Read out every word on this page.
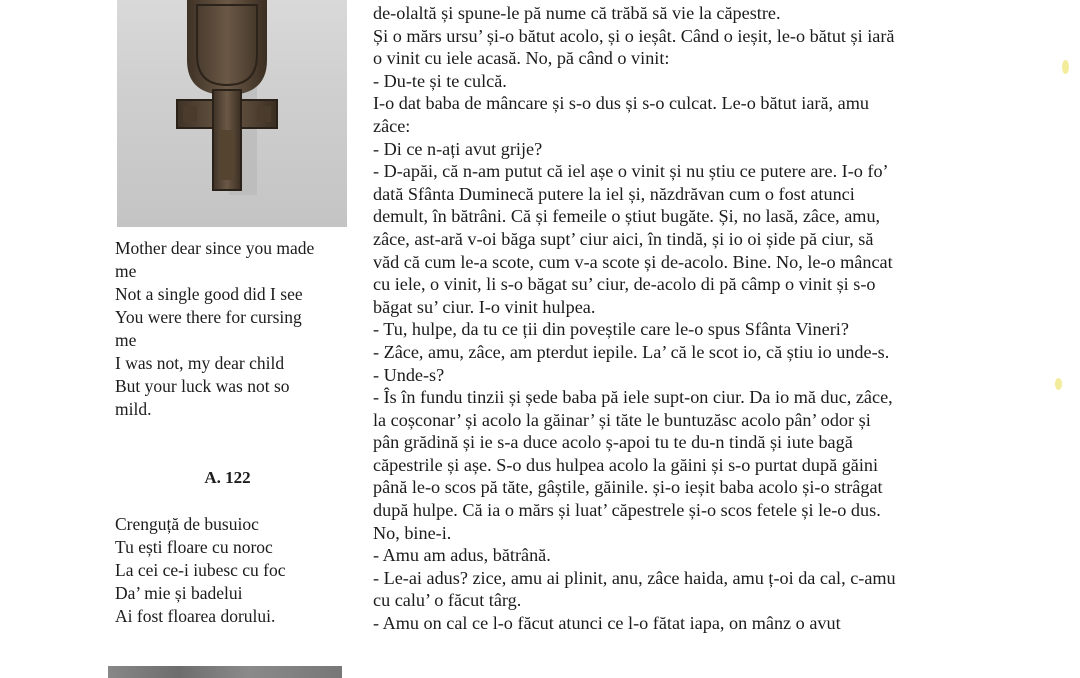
Mother dear since you made
me
Not a single good did I see
You were there for cursing
me
I was not, my dear child
But your luck was not so
mild.
A. 122
Crenguță de busuioc
Tu ești floare cu noroc
La cei ce-i iubesc cu foc
Da’ mie și badelui
Ai fost floarea dorului.
de-olaltă și spune-le pă nume că trăbă să vie la căpestre.
Și o mărs ursu’ și-o bătut acolo, și o ieșât. Când o ieșit, le-o bătut și iară
o vinit cu iele acasă. No, pă când o vinit:
- Du-te și te culcă.
I-o dat baba de mâncare și s-o dus și s-o culcat. Le-o bătut iară, amu
zâce:
- Di ce n-ați avut grije?
- D-apăi, că n-am putut că iel așe o vinit și nu știu ce putere are. I-o fo’
dată Sfânta Duminecă putere la iel și, năzdrăvan cum o fost atunci
demult, în bătrâni. Că și femeile o știut bugăte. Și, no lasă, zâce, amu,
zâce, ast-ară v-oi băga supt’ ciur aici, în tindă, și io oi șide pă ciur, să
văd că cum le-a scote, cum v-a scote și de-acolo. Bine. No, le-o mâncat
cu iele, o vinit, li s-o băgat su’ ciur, de-acolo di pă câmp o vinit și s-o
băgat su’ ciur. I-o vinit hulpea.
- Tu, hulpe, da tu ce ții din poveștile care le-o spus Sfânta Vineri?
- Zâce, amu, zâce, am pterdut iepile. La’ că le scot io, că știu io unde-s.
- Unde-s?
- Îs în fundu tinzii și șede baba pă iele supt-on ciur. Da io mă duc, zâce,
la coșconar’ și acolo la găinar’ și tăte le buntuzăsc acolo pân’ odor și
pân grădină și ie s-a duce acolo ș-apoi tu te du-n tindă și iute bagă
căpestrile și așe. S-o dus hulpea acolo la găini și s-o purtat după găini
până le-o scos pă tăte, gâștile, găinile. și-o ieșit baba acolo și-o strâgat
după hulpe. Că ia o mărs și luat’ căpestrele și-o scos fetele și le-o dus.
No, bine-i.
- Amu am adus, bătrână.
- Le-ai adus? zice, amu ai plinit, anu, zâce haida, amu ț-oi da cal, c-amu
cu calu’ o făcut târg.
- Amu on cal ce l-o făcut atunci ce l-o fătat iapa, on mânz o avut
